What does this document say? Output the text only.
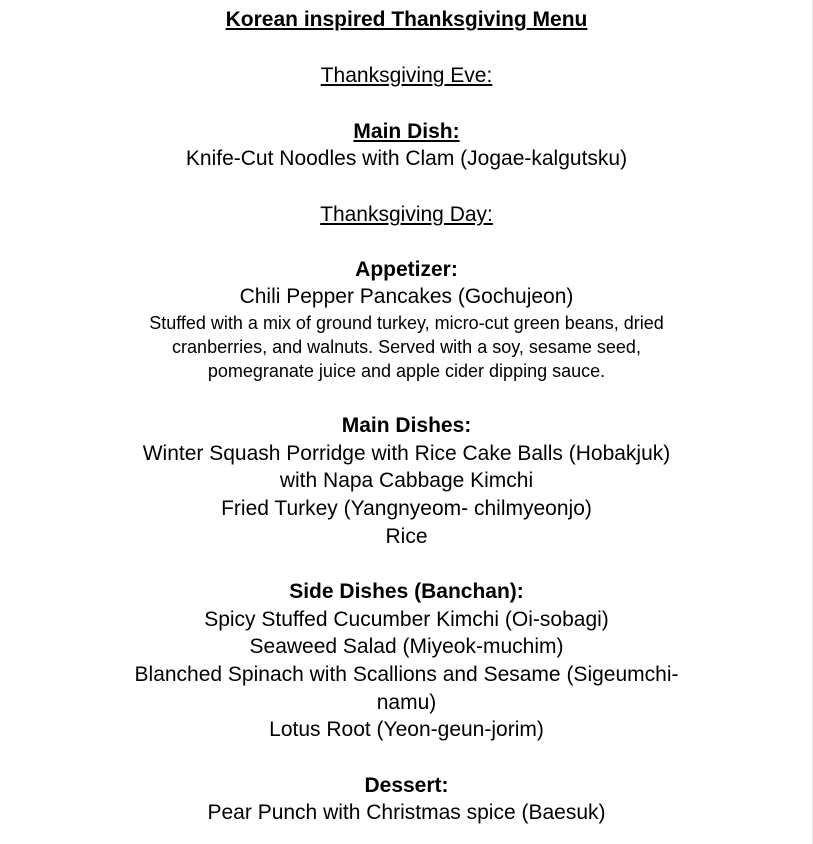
Korean inspired Thanksgiving Menu
Thanksgiving Eve:
Main Dish:
Knife-Cut Noodles with Clam (Jogae-kalgutsku)
Thanksgiving Day:
Appetizer:
Chili Pepper Pancakes (Gochujeon)
Stuffed with a mix of ground turkey, micro-cut green beans, dried
cranberries, and walnuts. Served with a soy, sesame seed,
pomegranate juice and apple cider dipping sauce.
Main Dishes:
Winter Squash Porridge with Rice Cake Balls (Hobakjuk)
with Napa Cabbage Kimchi
Fried Turkey (Yangnyeom- chilmyeonjo)
Rice
Side Dishes (Banchan):
Spicy Stuffed Cucumber Kimchi (Oi-sobagi)
Seaweed Salad (Miyeok-muchim)
Blanched Spinach with Scallions and Sesame (Sigeumchi-
namu)
Lotus Root (Yeon-geun-jorim)
Dessert:
Pear Punch with Christmas spice (Baesuk)
